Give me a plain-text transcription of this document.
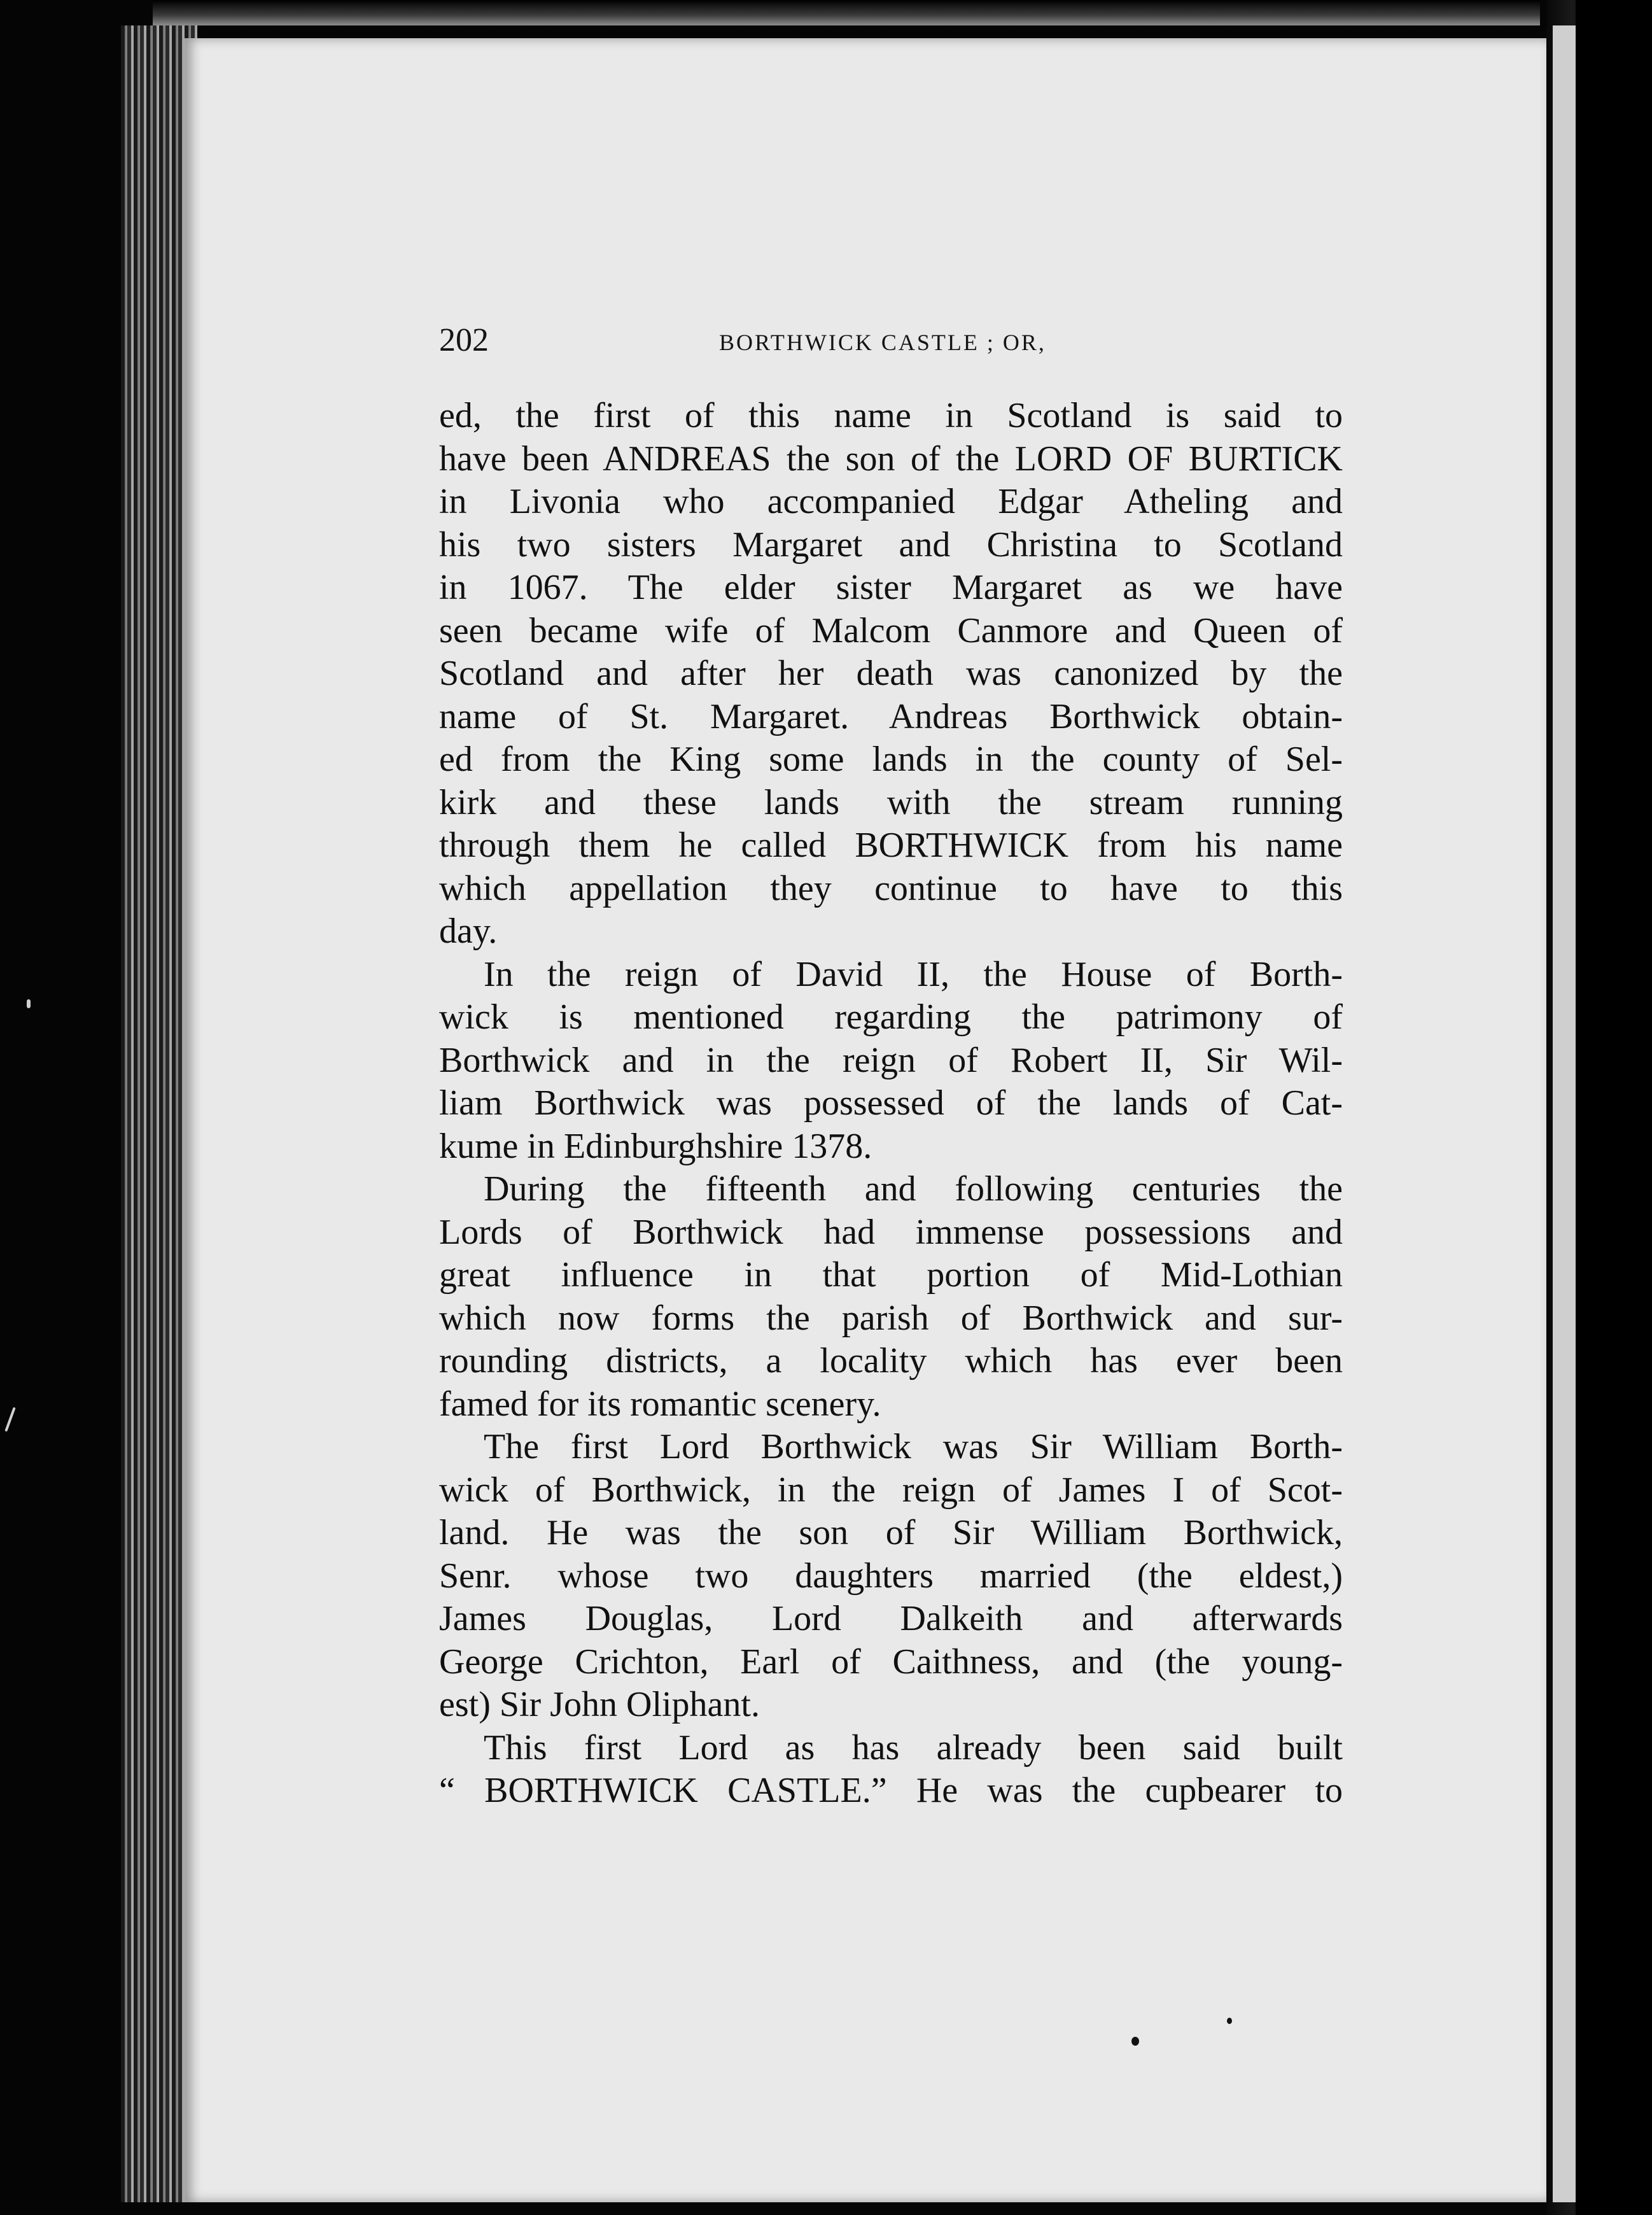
202	BORTHWICK CASTLE ; OR,
ed, the first of this name in Scotland is said to
have been ANDREAS the son of the LORD OF BURTICK
in Livonia who accompanied Edgar Atheling and
his two sisters Margaret and Christina to Scotland
in 1067. The elder sister Margaret as we have
seen became wife of Malcom Canmore and Queen of
Scotland and after her death was canonized by the
name of St. Margaret. Andreas Borthwick obtain-
ed from the King some lands in the county of Sel-
kirk and these lands with the stream running
through them he called BORTHWICK from his name
which appellation they continue to have to this
day.
In the reign of David II, the House of Borth-
wick is mentioned regarding the patrimony of
Borthwick and in the reign of Robert II, Sir Wil-
liam Borthwick was possessed of the lands of Cat-
kume in Edinburghshire 1378.
During the fifteenth and following centuries the
Lords of Borthwick had immense possessions and
great influence in that portion of Mid-Lothian
which now forms the parish of Borthwick and sur-
rounding districts, a locality which has ever been
famed for its romantic scenery.
The first Lord Borthwick was Sir William Borth-
wick of Borthwick, in the reign of James I of Scot-
land. He was the son of Sir William Borthwick,
Senr. whose two daughters married (the eldest,)
James Douglas, Lord Dalkeith and afterwards
George Crichton, Earl of Caithness, and (the young-
est) Sir John Oliphant.
This first Lord as has already been said built
“ BORTHWICK CASTLE.” He was the cupbearer to
